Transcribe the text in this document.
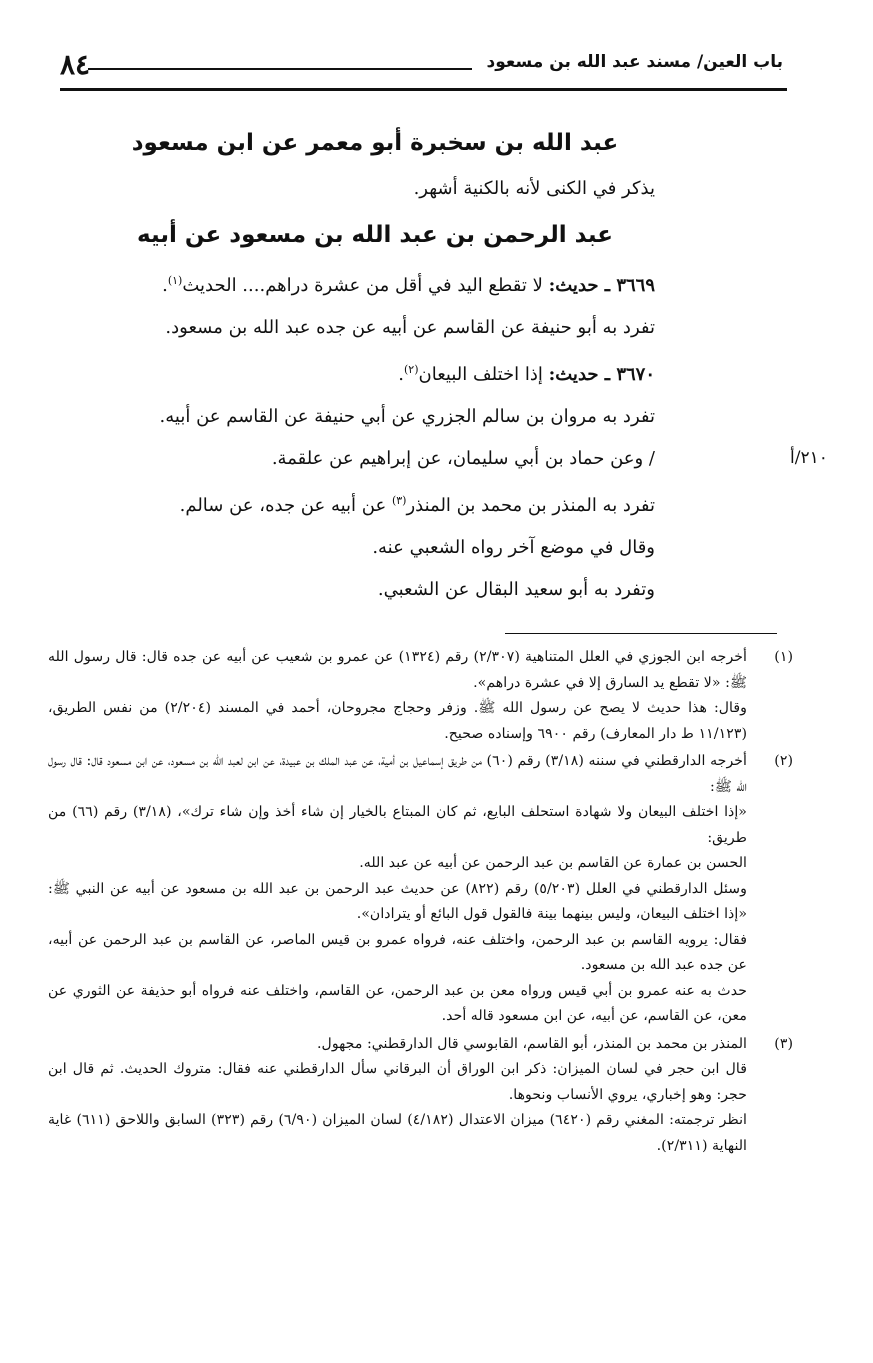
باب العين/ مسند عبد الله بن مسعود
٨٤
عبد الله بن سخبرة أبو معمر عن ابن مسعود
يذكر في الكنى لأنه بالكنية أشهر.
عبد الرحمن بن عبد الله بن مسعود عن أبيه
٣٦٦٩ ـ حديث: لا تقطع اليد في أقل من عشرة دراهم.... الحديث$^{(١)}$.
تفرد به أبو حنيفة عن القاسم عن أبيه عن جده عبد الله بن مسعود.
٣٦٧٠ ـ حديث: إذا اختلف البيعان$^{(٢)}$.
تفرد به مروان بن سالم الجزري عن أبي حنيفة عن القاسم عن أبيه.
/ وعن حماد بن أبي سليمان، عن إبراهيم عن علقمة.
تفرد به المنذر بن محمد بن المنذر$^{(٣)}$ عن أبيه عن جده، عن سالم.
وقال في موضع آخر رواه الشعبي عنه.
وتفرد به أبو سعيد البقال عن الشعبي.
٢١٠/أ
(١)

أخرجه ابن الجوزي في العلل المتناهية (٢/٣٠٧) رقم (١٣٢٤) عن عمرو بن شعيب عن أبيه عن جده قال: قال رسول الله ﷺ: «لا تقطع يد السارق إلا في عشرة دراهم».

وقال: هذا حديث لا يصح عن رسول الله ﷺ. وزفر وحجاج مجروحان، أحمد في المسند (٢/٢٠٤) من نفس الطريق، (١١/١٢٣ ط دار المعارف) رقم ٦٩٠٠ وإسناده صحيح.

(٢)

أخرجه الدارقطني في سننه (٣/١٨) رقم (٦٠) من طريق إسماعيل بن أمية، عن عبد الملك بن عبيدة، عن ابن لعبد الله بن مسعود، عن ابن مسعود قال: قال رسول الله ﷺ:

«إذا اختلف البيعان ولا شهادة استحلف البايع، ثم كان المبتاع بالخيار إن شاء أخذ وإن شاء ترك»، (٣/١٨) رقم (٦٦) من طريق:

الحسن بن عمارة عن القاسم بن عبد الرحمن عن أبيه عن عبد الله.

وسئل الدارقطني في العلل (٥/٢٠٣) رقم (٨٢٢) عن حديث عبد الرحمن بن عبد الله بن مسعود عن أبيه عن النبي ﷺ: «إذا اختلف البيعان، وليس بينهما بينة فالقول قول البائع أو يترادان».

فقال: يرويه القاسم بن عبد الرحمن، واختلف عنه، فرواه عمرو بن قيس الماصر، عن القاسم بن عبد الرحمن عن أبيه، عن جده عبد الله بن مسعود.

حدث به عنه عمرو بن أبي قيس ورواه معن بن عبد الرحمن، عن القاسم، واختلف عنه فرواه أبو حذيفة عن الثوري عن معن، عن القاسم، عن أبيه، عن ابن مسعود قاله أحد.

(٣)

المنذر بن محمد بن المنذر، أبو القاسم، القابوسي قال الدارقطني: مجهول.

قال ابن حجر في لسان الميزان: ذكر ابن الوراق أن البرقاني سأل الدارقطني عنه فقال: متروك الحديث. ثم قال ابن حجر: وهو إخباري، يروي الأنساب ونحوها.

انظر ترجمته: المغني رقم (٦٤٢٠) ميزان الاعتدال (٤/١٨٢) لسان الميزان (٦/٩٠) رقم (٣٢٣) السابق واللاحق (٦١١) غاية النهاية (٢/٣١١).
